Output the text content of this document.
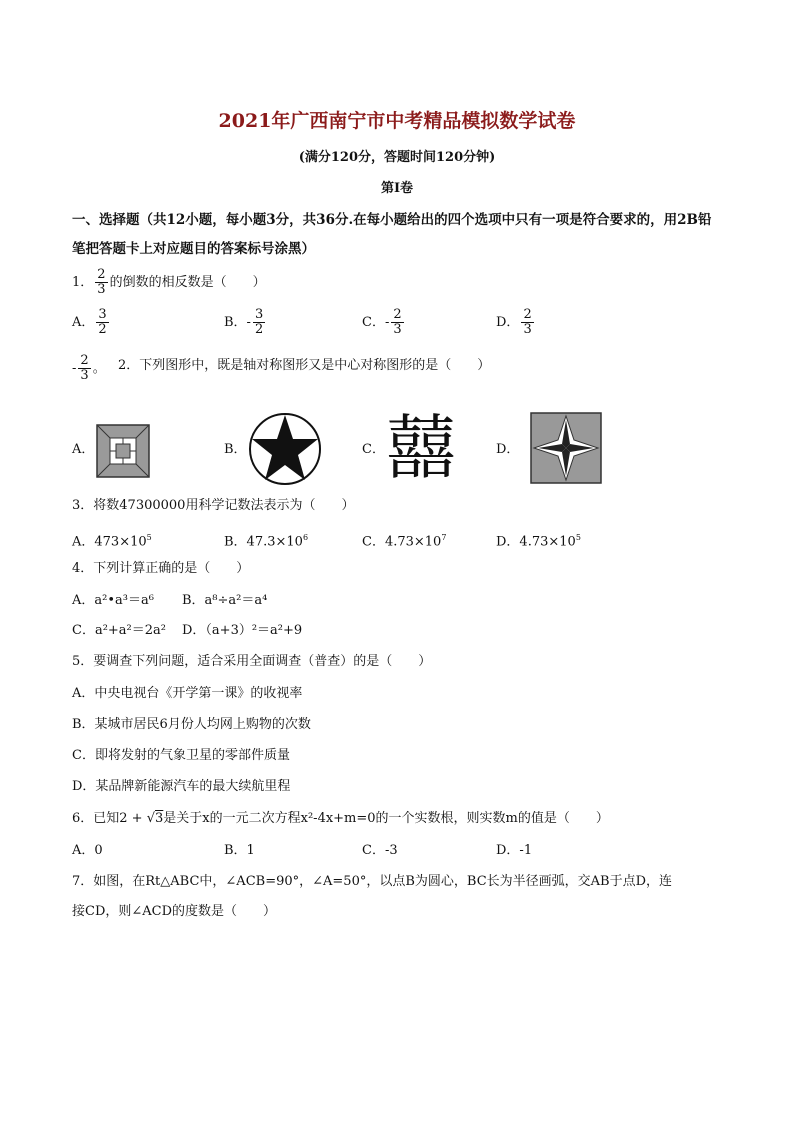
2021年广西南宁市中考精品模拟数学试卷
(满分120分，答题时间120分钟)
第Ⅰ卷
一、选择题（共12小题，每小题3分，共36分.在每小题给出的四个选项中只有一项是符合要求的，用2B铅笔把答题卡上对应题目的答案标号涂黑）
1． $\frac{2}{3}$ 的倒数的相反数是（　　）
A． $\frac{3}{2}$	B．- $\frac{3}{2}$	C．- $\frac{2}{3}$	D． $\frac{2}{3}$
- $\frac{2}{3}$ 。 2．下列图形中，既是轴对称图形又是中心对称图形的是（　　）
A．	B．	C． 囍	D．
3．将数47300000用科学记数法表示为（　　）
A．$473\times 10^5$	B．$47.3\times 10^6$	C．$4.73\times 10^7$	D．$4.73\times 10^5$
4．下列计算正确的是（　　）
A．a²•a³＝a⁶ B．a⁸÷a²＝a⁴
C．a²+a²＝2a² D．（a+3）²＝a²+9
5．要调查下列问题，适合采用全面调查（普查）的是（　　）
A．中央电视台《开学第一课》的收视率
B．某城市居民6月份人均网上购物的次数
C．即将发射的气象卫星的零部件质量
D．某品牌新能源汽车的最大续航里程
6．已知2 + √3是关于x的一元二次方程x²-4x+m=0的一个实数根，则实数m的值是（　　）
A．0	B．1	C．-3	D．-1
7．如图，在Rt△ABC中，∠ACB=90°，∠A=50°，以点B为圆心，BC长为半径画弧，交AB于点D，连
接CD，则∠ACD的度数是（　　）
